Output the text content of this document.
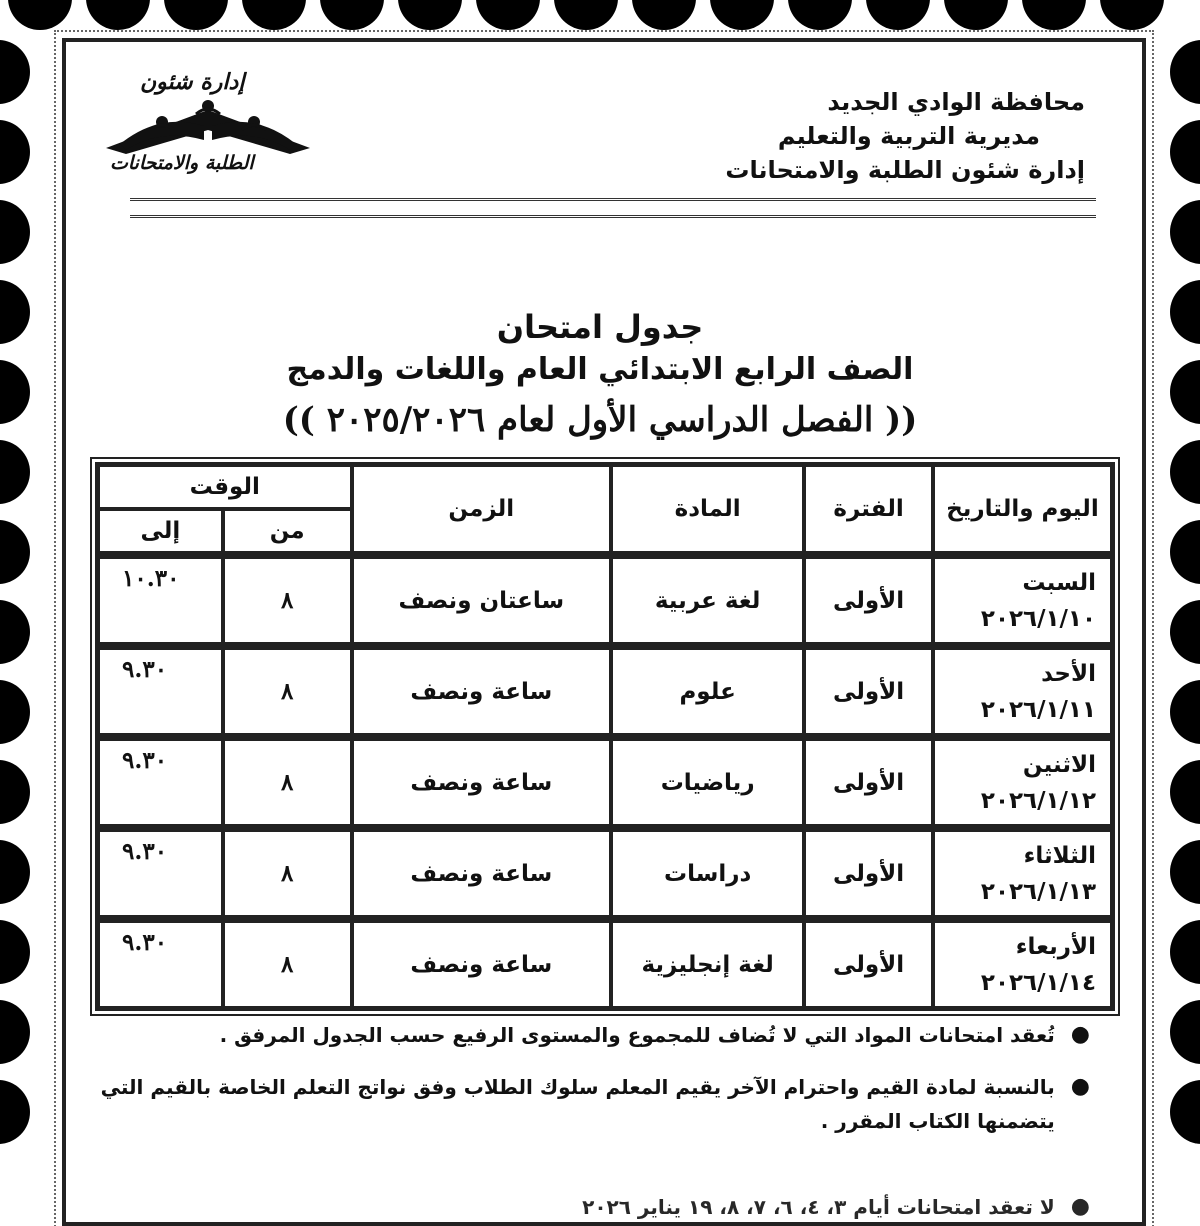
محافظة الوادي الجديد
مديرية التربية والتعليم
إدارة شئون الطلبة والامتحانات
إدارة شئون
الطلبة والامتحانات
جدول امتحان
الصف الرابع الابتدائي العام واللغات والدمج
(( الفصل الدراسي الأول لعام ٢٠٢٥/٢٠٢٦ ))
اليوم والتاريخ	الفترة	المادة	الزمن	الوقت	
				من	إلى

السبت
٢٠٢٦/١/١٠	الأولى	لغة عربية	ساعتان ونصف	٨	١٠.٣٠

الأحد
٢٠٢٦/١/١١	الأولى	علوم	ساعة ونصف	٨	٩.٣٠

الاثنين
٢٠٢٦/١/١٢	الأولى	رياضيات	ساعة ونصف	٨	٩.٣٠

الثلاثاء
٢٠٢٦/١/١٣	الأولى	دراسات	ساعة ونصف	٨	٩.٣٠

الأربعاء
٢٠٢٦/١/١٤	الأولى	لغة إنجليزية	ساعة ونصف	٨	٩.٣٠
●
تُعقد امتحانات المواد التي لا تُضاف للمجموع والمستوى الرفيع حسب الجدول المرفق .
●
بالنسبة لمادة القيم واحترام الآخر يقيم المعلم سلوك الطلاب وفق نواتج التعلم الخاصة بالقيم التي يتضمنها الكتاب المقرر .
●
لا تعقد امتحانات أيام ٣، ٤، ٦، ٧، ٨، ١٩ يناير ٢٠٢٦
